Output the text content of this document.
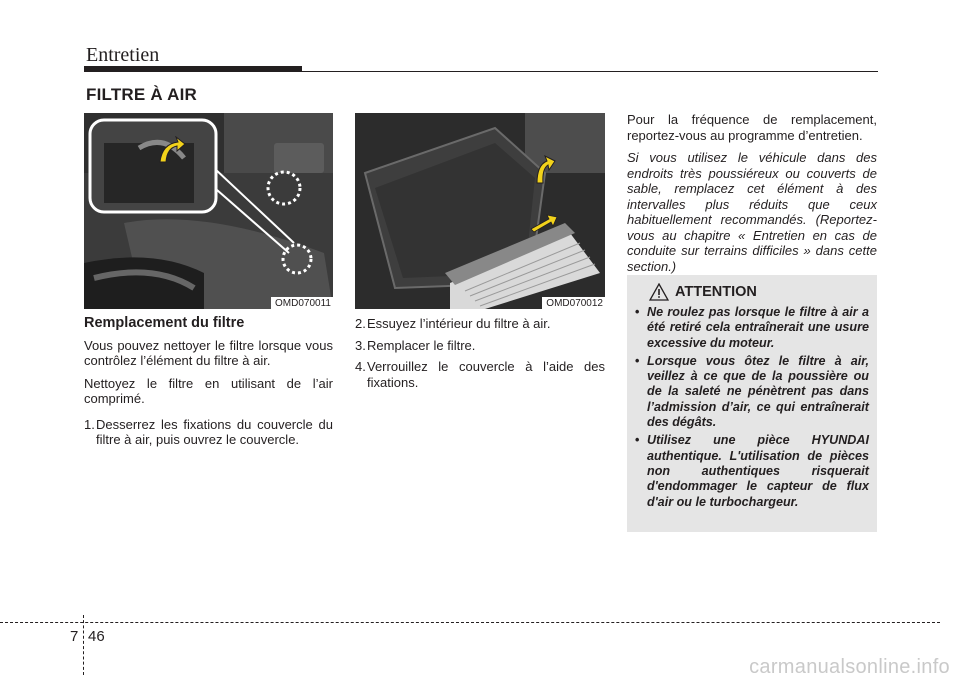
Entretien
FILTRE À AIR
OMD070011	OMD070012
Remplacement du filtre

Vous pouvez nettoyer le filtre lorsque vous contrôlez l’élément du filtre à air.

Nettoyez le filtre en utilisant de l’air comprimé.

1. Desserrez les fixations du couvercle du filtre à air, puis ouvrez le couvercle.
2. Essuyez l’intérieur du filtre à air.
3. Remplacer le filtre.
4. Verrouillez le couvercle à l’aide des fixations.

Pour la fréquence de remplacement, reportez-vous au programme d’entretien.

Si vous utilisez le véhicule dans des endroits très poussiéreux ou couverts de sable, remplacez cet élément à des intervalles plus réduits que ceux habituellement recommandés. (Reportez-vous au chapitre « Entretien en cas de conduite sur terrains difficiles » dans cette section.)

ATTENTION
• Ne roulez pas lorsque le filtre à air a été retiré cela entraînerait une usure excessive du moteur.
• Lorsque vous ôtez le filtre à air, veillez à ce que de la poussière ou de la saleté ne pénètrent pas dans l’admission d’air, ce qui entraînerait des dégâts.
• Utilisez une pièce HYUNDAI authentique. L'utilisation de pièces non authentiques risquerait d'endommager le capteur de flux d'air ou le turbochargeur.
7 46
carmanualsonline.info
